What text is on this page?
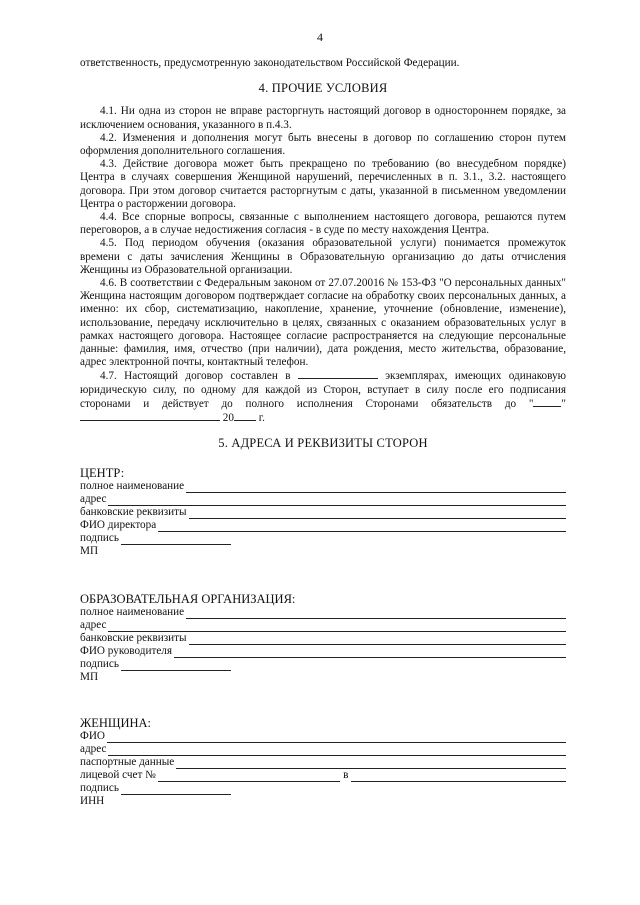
4

ответственность, предусмотренную законодательством Российской Федерации.

4. ПРОЧИЕ УСЛОВИЯ

4.1. Ни одна из сторон не вправе расторгнуть настоящий договор в одностороннем порядке, за исключением основания, указанного в п.4.3.

4.2. Изменения и дополнения могут быть внесены в договор по соглашению сторон путем оформления дополнительного соглашения.

4.3. Действие договора может быть прекращено по требованию (во внесудебном порядке) Центра в случаях совершения Женщиной нарушений, перечисленных в п. 3.1., 3.2. настоящего договора. При этом договор считается расторгнутым с даты, указанной в письменном уведомлении Центра о расторжении договора.

4.4. Все спорные вопросы, связанные с выполнением настоящего договора, решаются путем переговоров, а в случае недостижения согласия - в суде по месту нахождения Центра.

4.5. Под периодом обучения (оказания образовательной услуги) понимается промежуток времени с даты зачисления Женщины в Образовательную организацию до даты отчисления Женщины из Образовательной организации.

4.6. В соответствии с Федеральным законом от 27.07.20016 № 153-ФЗ "О персональных данных" Женщина настоящим договором подтверждает согласие на обработку своих персональных данных, а именно: их сбор, систематизацию, накопление, хранение, уточнение (обновление, изменение), использование, передачу исключительно в целях, связанных с оказанием образовательных услуг в рамках настоящего договора. Настоящее согласие распространяется на следующие персональные данные: фамилия, имя, отчество (при наличии), дата рождения, место жительства, образование, адрес электронной почты, контактный телефон.

4.7. Настоящий договор составлен в	экземплярах, имеющих одинаковую юридическую силу, по одному для каждой из Сторон, вступает в силу после его подписания сторонами и действует до полного исполнения Сторонами обязательств до "	"  20 г.

5. АДРЕСА И РЕКВИЗИТЫ СТОРОН
ЦЕНТР:
полное наименование
адрес
банковские реквизиты
ФИО директора
подпись
МП
ОБРАЗОВАТЕЛЬНАЯ ОРГАНИЗАЦИЯ:
полное наименование
адрес
банковские реквизиты
ФИО руководителя
подпись
МП
ЖЕНЩИНА:
ФИО
адрес
паспортные данные
лицевой счет №	в
подпись
ИНН
